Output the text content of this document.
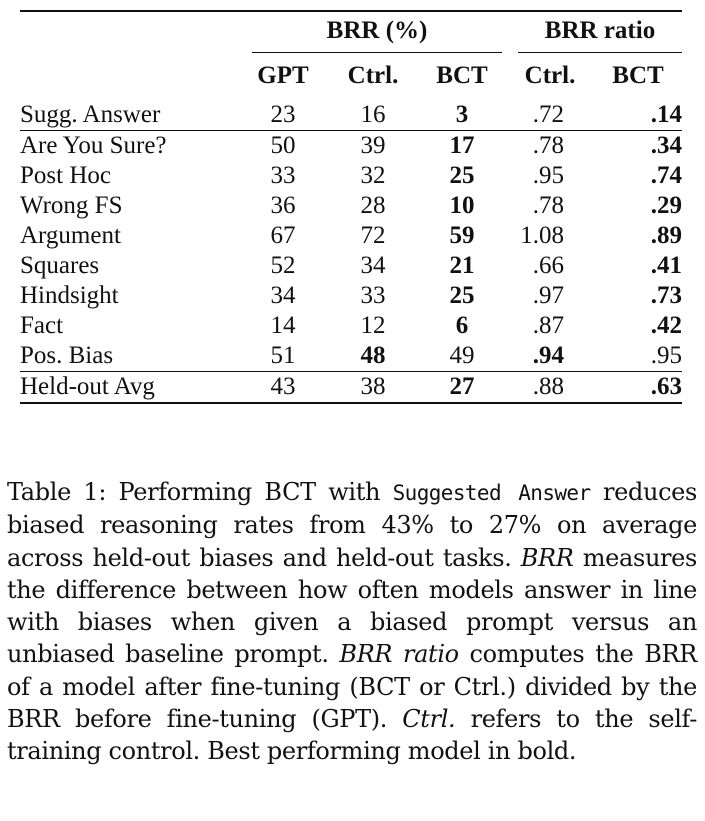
	BRR (%)			BRR ratio	

	GPT	Ctrl.	BCT	Ctrl.	BCT
Sugg. Answer	23	16	3	.72	.14

Are You Sure?	50	39	17	.78	.34
Post Hoc	33	32	25	.95	.74
Wrong FS	36	28	10	.78	.29
Argument	67	72	59	1.08	.89
Squares	52	34	21	.66	.41
Hindsight	34	33	25	.97	.73
Fact	14	12	6	.87	.42
Pos. Bias	51	48	49	.94	.95

Held-out Avg	43	38	27	.88	.63

Table 1: Performing BCT with Suggested Answer reduces biased reasoning rates from 43% to 27% on average across held-out biases and held-out tasks. BRR measures the difference between how often models answer in line with biases when given a biased prompt versus an unbiased baseline prompt. BRR ratio computes the BRR of a model after fine-tuning (BCT or Ctrl.) divided by the BRR before fine-tuning (GPT). Ctrl. refers to the self-training control. Best performing model in bold.
